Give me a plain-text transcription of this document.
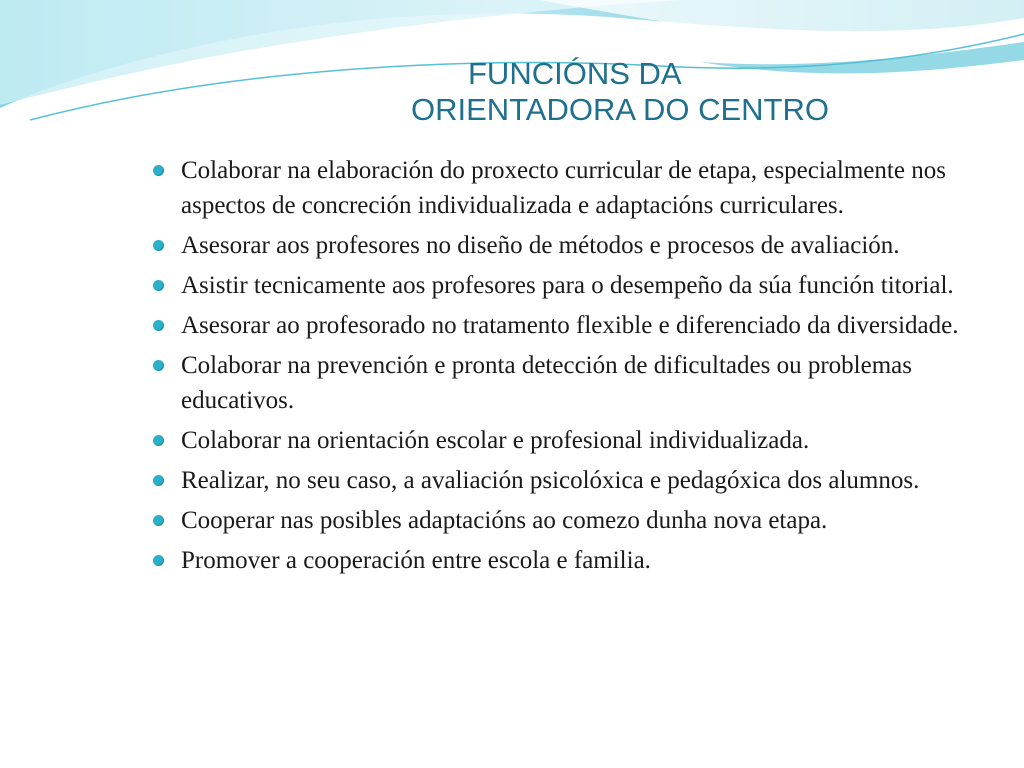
FUNCIÓNS DA
ORIENTADORA DO CENTRO
Colaborar na elaboración do proxecto curricular de etapa, especialmente nos aspectos de concreción individualizada e adaptacións curriculares.
Asesorar aos profesores no diseño de métodos e procesos de avaliación.
Asistir tecnicamente aos profesores para o desempeño da súa función titorial.
Asesorar ao profesorado no tratamento flexible e diferenciado da diversidade.
Colaborar na prevención e pronta detección de dificultades ou problemas educativos.
Colaborar na orientación escolar e profesional individualizada.
Realizar, no seu caso, a avaliación psicolóxica e pedagóxica dos alumnos.
Cooperar nas posibles adaptacións ao comezo dunha nova etapa.
Promover a cooperación entre escola e familia.
